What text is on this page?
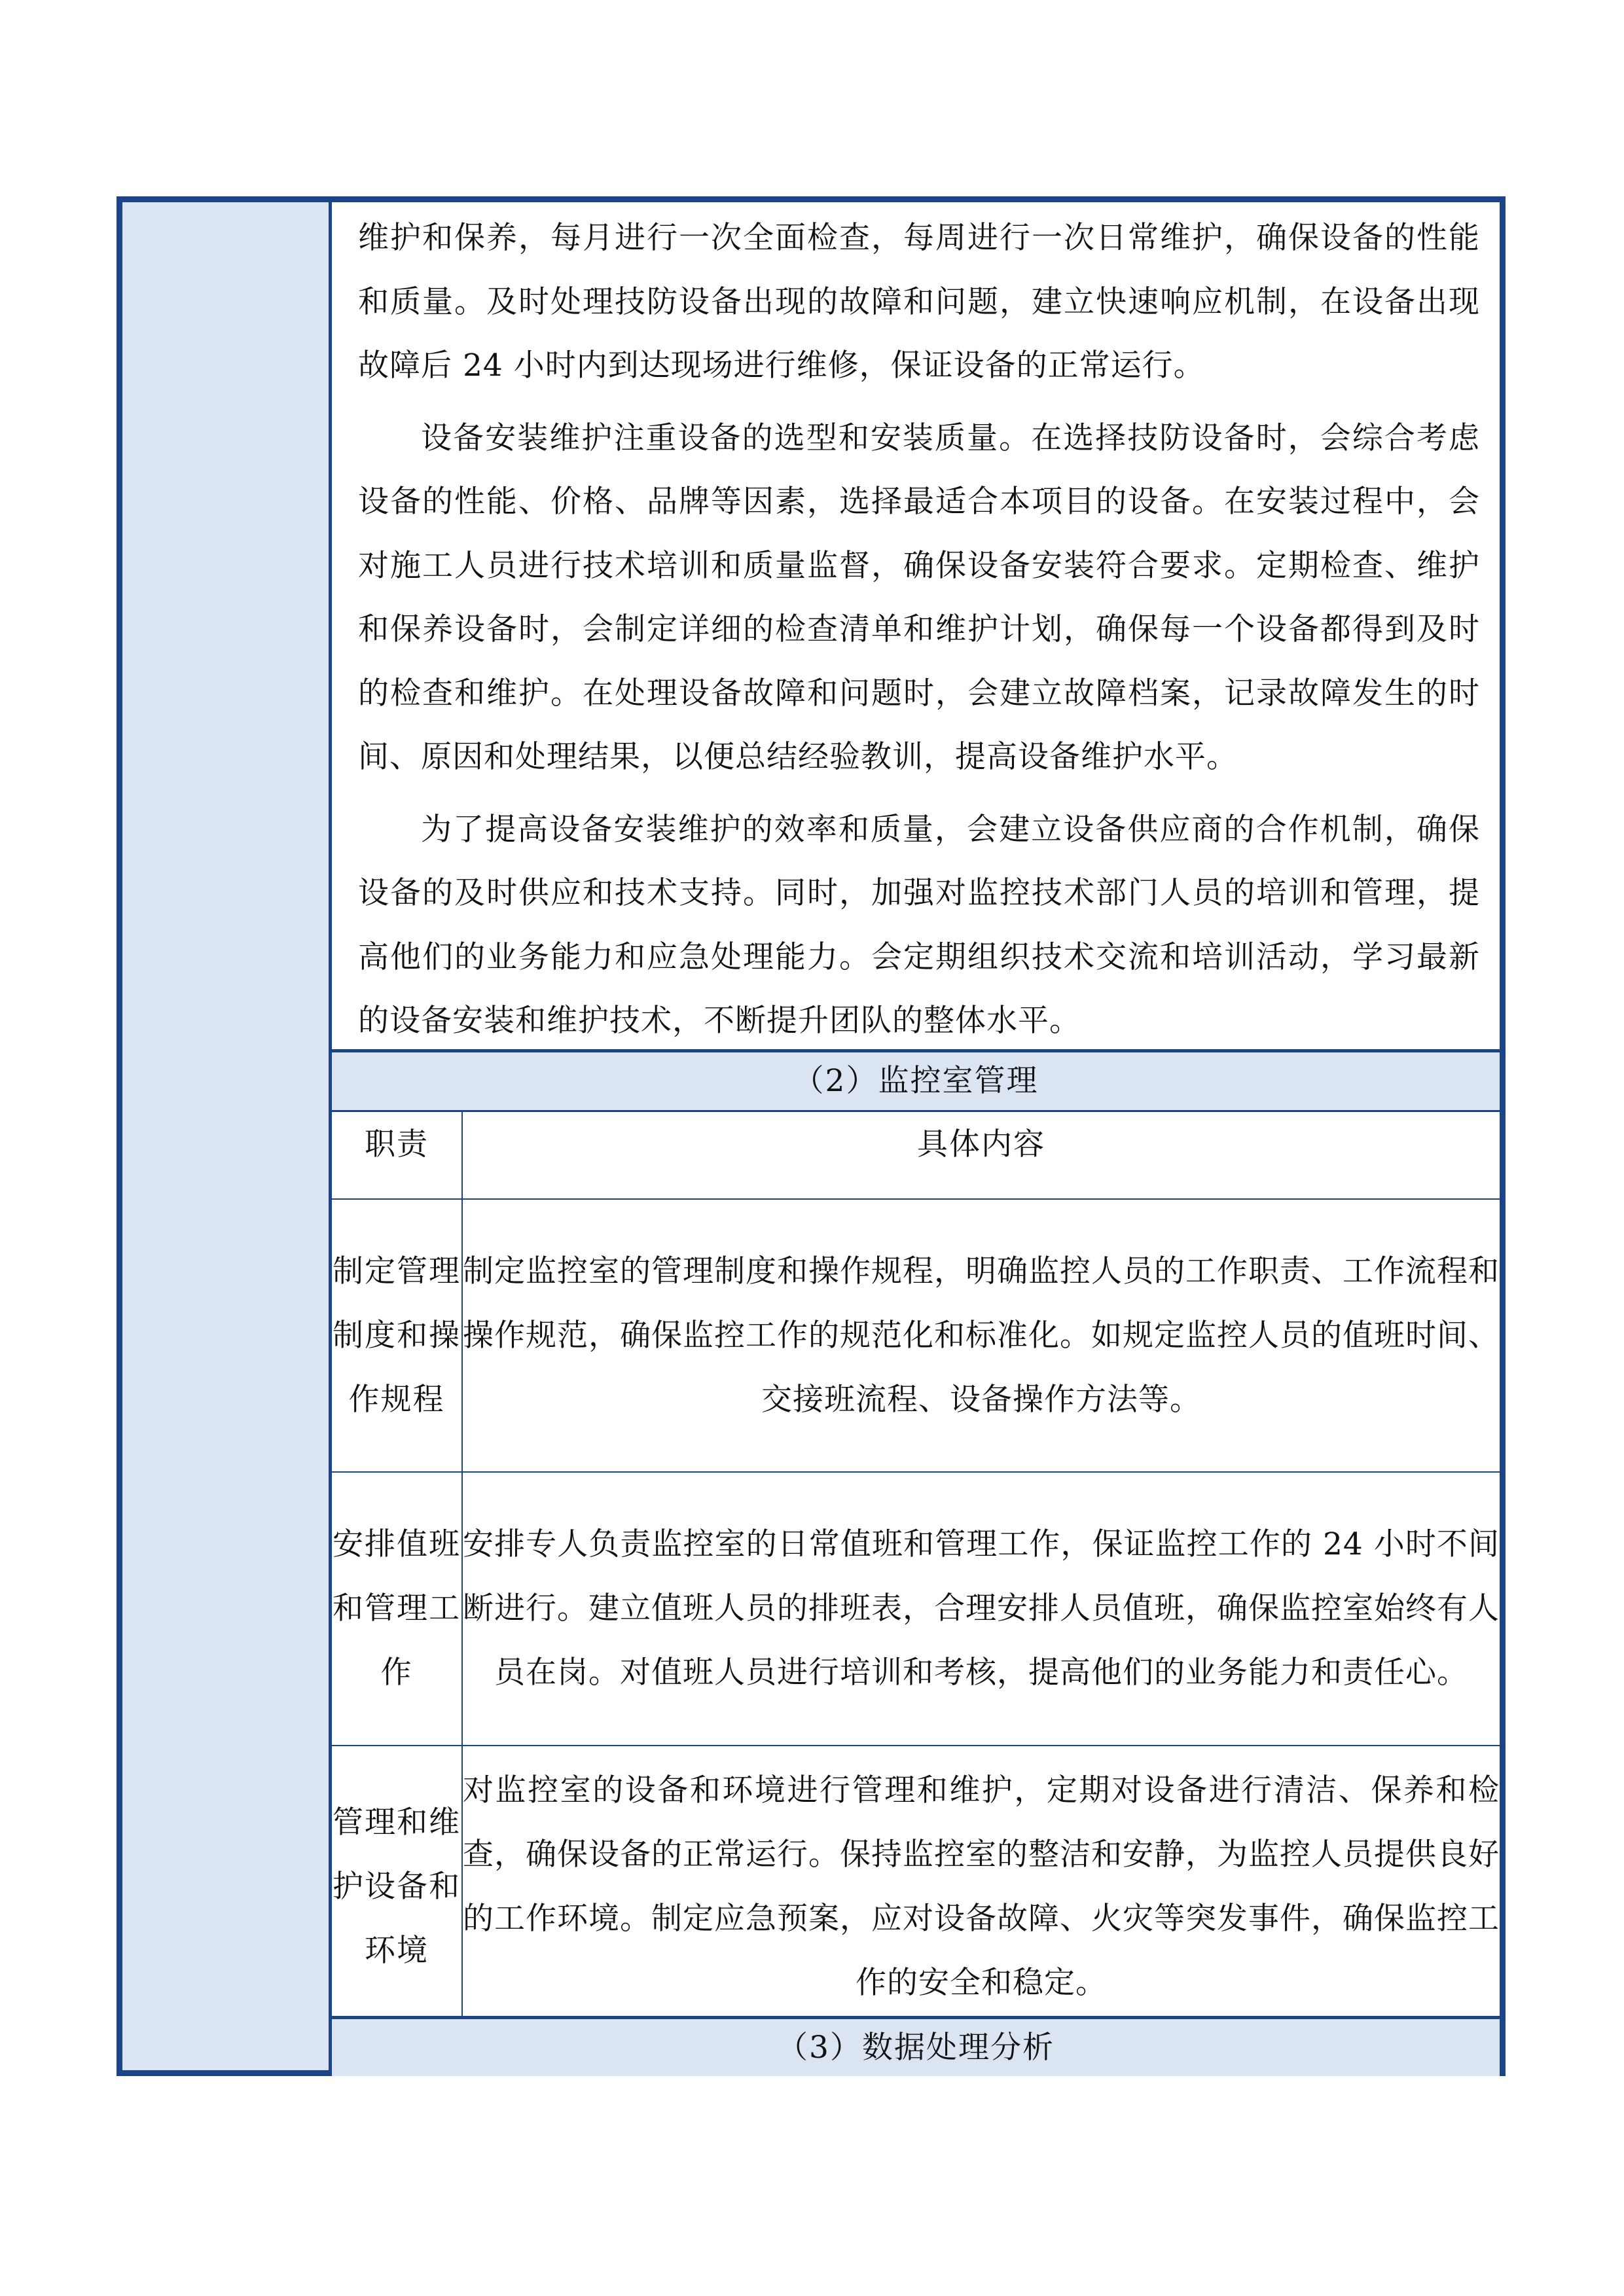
维护和保养，每月进行一次全面检查，每周进行一次日常维护，确保设备的性能和质量。及时处理技防设备出现的故障和问题，建立快速响应机制，在设备出现故障后 24 小时内到达现场进行维修，保证设备的正常运行。

设备安装维护注重设备的选型和安装质量。在选择技防设备时，会综合考虑设备的性能、价格、品牌等因素，选择最适合本项目的设备。在安装过程中，会对施工人员进行技术培训和质量监督，确保设备安装符合要求。定期检查、维护和保养设备时，会制定详细的检查清单和维护计划，确保每一个设备都得到及时的检查和维护。在处理设备故障和问题时，会建立故障档案，记录故障发生的时间、原因和处理结果，以便总结经验教训，提高设备维护水平。

为了提高设备安装维护的效率和质量，会建立设备供应商的合作机制，确保设备的及时供应和技术支持。同时，加强对监控技术部门人员的培训和管理，提高他们的业务能力和应急处理能力。会定期组织技术交流和培训活动，学习最新的设备安装和维护技术，不断提升团队的整体水平。

（2）监控室管理
职责	具体内容
制定管理制度和操作规程	制定监控室的管理制度和操作规程，明确监控人员的工作职责、工作流程和操作规范，确保监控工作的规范化和标准化。如规定监控人员的值班时间、交接班流程、设备操作方法等。
安排值班和管理工作	安排专人负责监控室的日常值班和管理工作，保证监控工作的 24 小时不间断进行。建立值班人员的排班表，合理安排人员值班，确保监控室始终有人员在岗。对值班人员进行培训和考核，提高他们的业务能力和责任心。
管理和维护设备和环境	对监控室的设备和环境进行管理和维护，定期对设备进行清洁、保养和检查，确保设备的正常运行。保持监控室的整洁和安静，为监控人员提供良好的工作环境。制定应急预案，应对设备故障、火灾等突发事件，确保监控工作的安全和稳定。
（3）数据处理分析
